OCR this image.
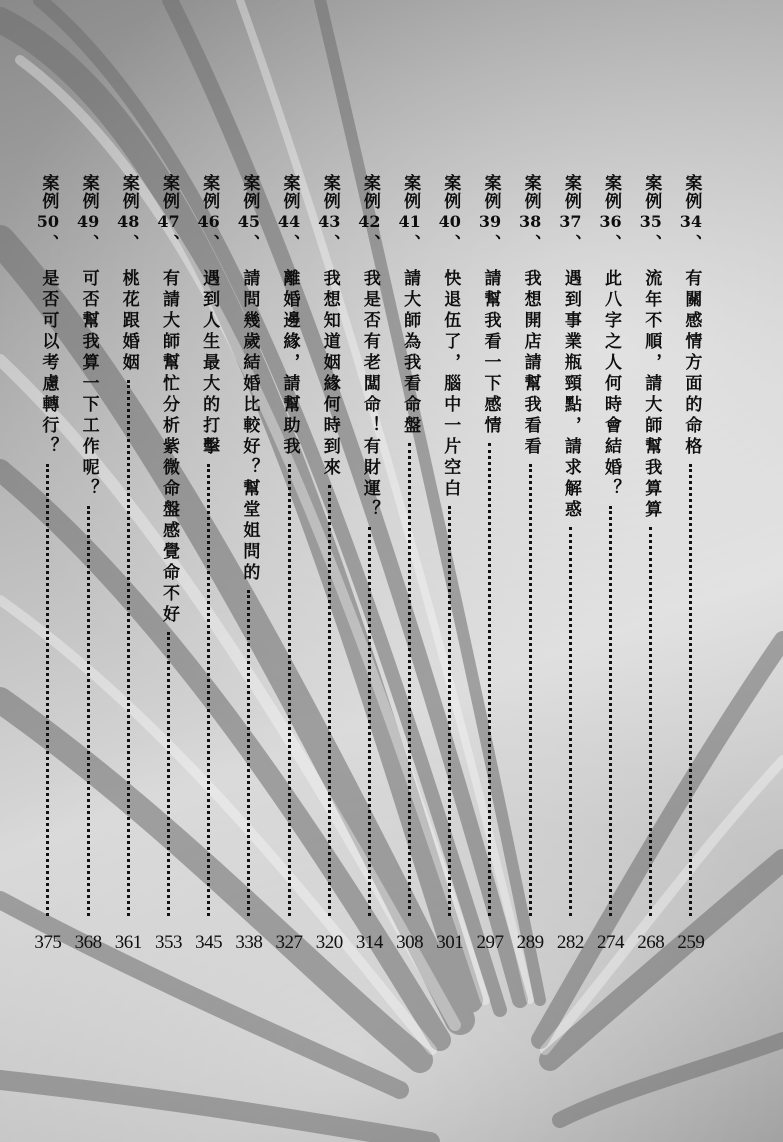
案例
34
、
有關感情方面的命格
259
案例
35
、
流年不順，請大師幫我算算
268
案例
36
、
此八字之人何時會結婚？
274
案例
37
、
遇到事業瓶頸點，請求解惑
282
案例
38
、
我想開店請幫我看看
289
案例
39
、
請幫我看一下感情
297
案例
40
、
快退伍了，腦中一片空白
301
案例
41
、
請大師為我看命盤
308
案例
42
、
我是否有老闆命！有財運？
314
案例
43
、
我想知道姻緣何時到來
320
案例
44
、
離婚邊緣，請幫助我
327
案例
45
、
請問幾歲結婚比較好？幫堂姐問的
338
案例
46
、
遇到人生最大的打擊
345
案例
47
、
有請大師幫忙分析紫微命盤感覺命不好
353
案例
48
、
桃花跟婚姻
361
案例
49
、
可否幫我算一下工作呢？
368
案例
50
、
是否可以考慮轉行？
375
